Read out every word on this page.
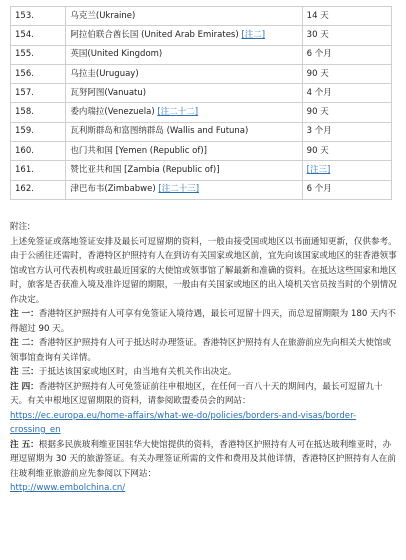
153.	乌克兰(Ukraine)	14 天
154.	阿拉伯联合酋长国 (United Arab Emirates) [注二]	30 天
155.	英国(United Kingdom)	6 个月
156.	乌拉圭(Uruguay)	90 天
157.	瓦努阿图(Vanuatu)	4 个月
158.	委内瑞拉(Venezuela) [注二十二]	90 天
159.	瓦利斯群岛和富图纳群岛 (Wallis and Futuna)	3 个月
160.	也门共和国 [Yemen (Republic of)]	90 天
161.	赞比亚共和国 [Zambia (Republic of)]	[注三]
162.	津巴布韦(Zimbabwe) [注二十三]	6 个月

附注:

上述免签证或落地签证安排及最长可逗留期的资料，一般由接受国或地区以书面通知更新，仅供参考。由于公函往还需时，香港特区护照持有人在到访有关国家或地区前，宜先向该国家或地区的驻香港领事馆或官方认可代表机构或驻最近国家的大使馆或领事馆了解最新和准确的资料。在抵达这些国家和地区时，旅客是否获准入境及准许逗留的期限，一般由有关国家或地区的出入境机关官员按当时的个别情况作决定。

注 一：香港特区护照持有人可享有免签证入境待遇，最长可逗留十四天，而总逗留期限为 180 天内不得超过 90 天。

注 二：香港特区护照持有人可于抵达时办理签证。香港特区护照持有人在旅游前应先向相关大使馆或领事馆查询有关详情。

注 三：于抵达该国家或地区时，由当地有关机关作出决定。

注 四：香港特区护照持有人可免签证前往申根地区，在任何一百八十天的期间内，最长可逗留九十天。有关申根地区逗留期限的资料，请参阅欧盟委员会的网站：
https://ec.europa.eu/home-affairs/what-we-do/policies/borders-and-visas/border-crossing_en

注 五：根据多民族玻利维亚国驻华大使馆提供的资料，香港特区护照持有人可在抵达玻利维亚时，办理逗留期为 30 天的旅游签证。有关办理签证所需的文件和费用及其他详情，香港特区护照持有人在前往玻利维亚旅游前应先参阅以下网站：
http://www.embolchina.cn/
